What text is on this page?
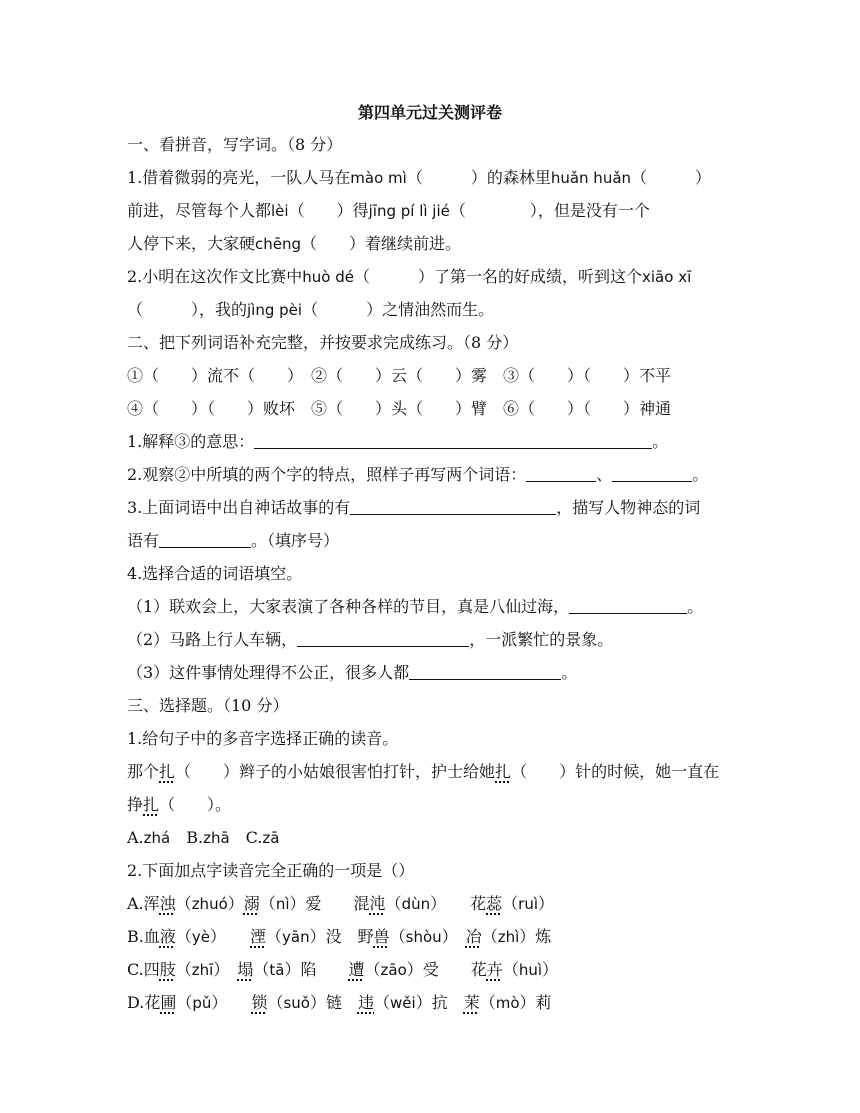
第四单元过关测评卷
一、看拼音，写字词。（8 分）
1.借着微弱的亮光，一队人马在mào mì（　　　）的森林里huǎn huǎn（　　　）
前进，尽管每个人都lèi（　　）得jīng pí lì jié（　　　　），但是没有一个
人停下来，大家硬chēng（　　）着继续前进。
2.小明在这次作文比赛中huò dé（　　　）了第一名的好成绩，听到这个xiāo xī
（　　　），我的jìng pèi（　　　）之情油然而生。
二、把下列词语补充完整，并按要求完成练习。（8 分）
①（　　）流不（　　）　②（　　）云（　　）雾　③（　　）（　　）不平
④（　　）（　　）败坏　⑤（　　）头（　　）臂　⑥（　　）（　　）神通
1.解释③的意思：	。
2.观察②中所填的两个字的特点，照样子再写两个词语：	、	。
3.上面词语中出自神话故事的有	，描写人物神态的词
语有	。（填序号）
4.选择合适的词语填空。
（1）联欢会上，大家表演了各种各样的节目，真是八仙过海，	。
（2）马路上行人车辆，	，一派繁忙的景象。
（3）这件事情处理得不公正，很多人都	。
三、选择题。（10 分）
1.给句子中的多音字选择正确的读音。
那个扎（　　）辫子的小姑娘很害怕打针，护士给她扎（　　）针的时候，她一直在
挣扎（　　）。
A.zhá　B.zhā　C.zā
2.下面加点字读音完全正确的一项是（）
A.浑浊（zhuó）溺（nì）爱　　混沌（dùn）　　花蕊（ruì）
B.血液（yè）　　湮（yān）没　野兽（shòu）　冶（zhì）炼
C.四肢（zhī）　塌（tā）陷　　遭（zāo）受　　花卉（huì）
D.花圃（pǔ）　　锁（suǒ）链　违（wěi）抗　茉（mò）莉
